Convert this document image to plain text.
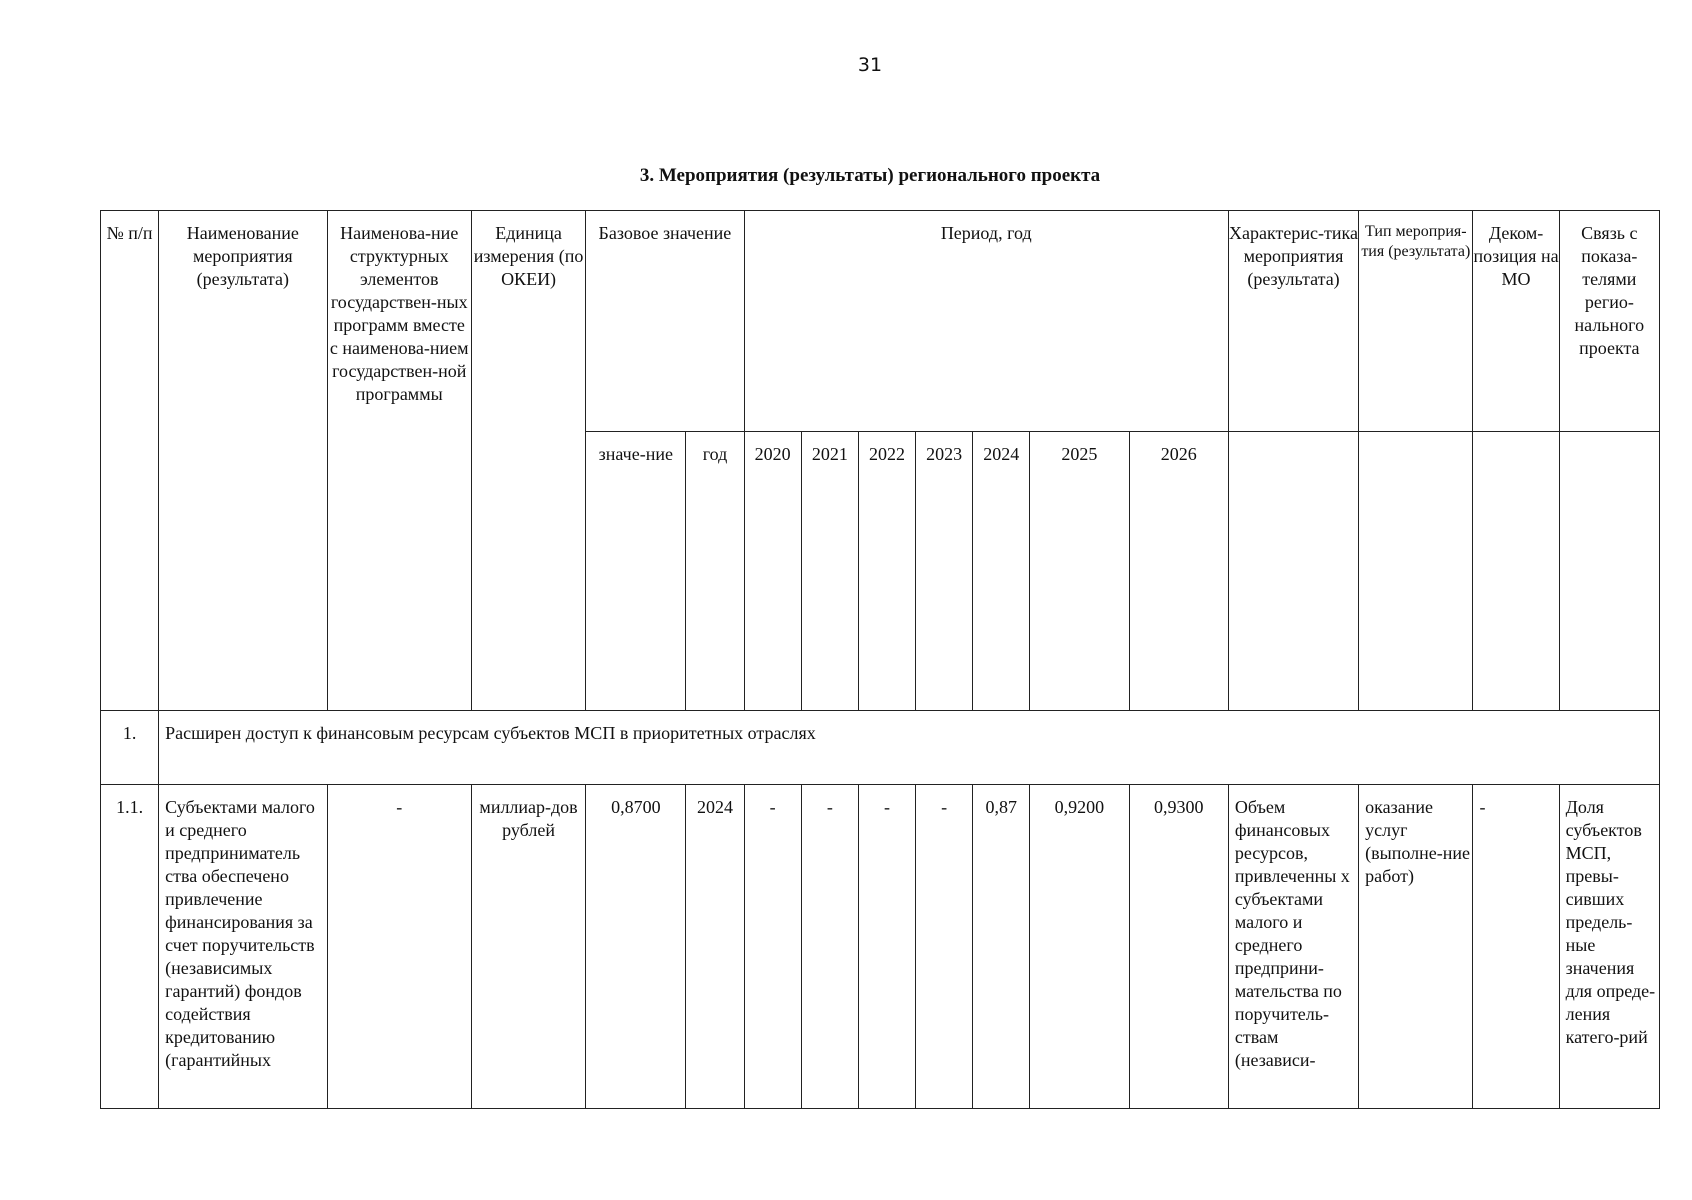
31
3. Мероприятия (результаты) регионального проекта
№ п/п	Наименование мероприятия (результата)	Наименова-ние структурных элементов государствен-ных программ вместе с наименова-нием государствен-ной программы	Единица измерения (по ОКЕИ)	Базовое значение		Период, год							Характерис-тика мероприятия (результата)	Тип мероприя-тия (результата)	Деком-позиция на МО	Связь с показа-телями регио-нального проекта
				значе-ние	год	2020	2021	2022	2023	2024	2025	2026				
1.	Расширен доступ к финансовым ресурсам субъектов МСП в приоритетных отраслях															
1.1.	Субъектами малого и среднего предприниматель ства обеспечено привлечение финансирования за счет поручительств (независимых гарантий) фондов содействия кредитованию (гарантийных	-	миллиар-дов рублей	0,8700	2024	-	-	-	-	0,87	0,9200	0,9300	Объем финансовых ресурсов, привлеченны х субъектами малого и среднего предприни-мательства по поручитель-ствам (независи-	оказание услуг (выполне-ние работ)	-	Доля субъектов МСП, превы-сивших предель-ные значения для опреде-ления катего-рий
